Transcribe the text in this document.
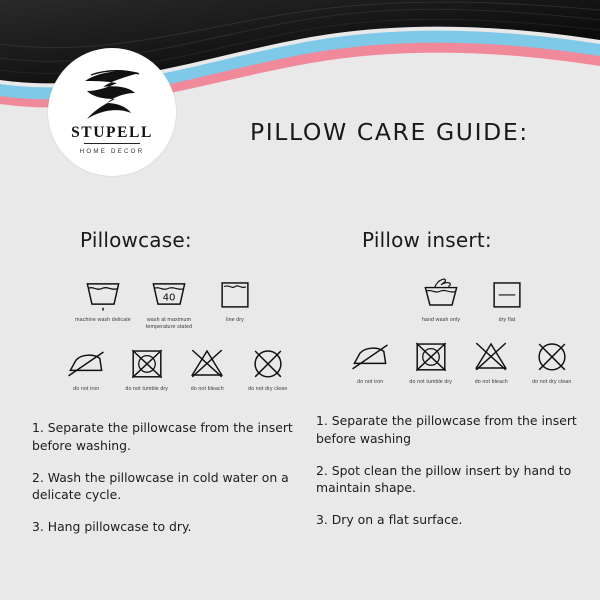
STUPELL
HOME DECOR
PILLOW CARE GUIDE:
Pillowcase:
machine wash delicate
40
wash at maximum temperature stated
line dry
do not iron	do not tumble dry	do not bleach	do not dry clean
1. Separate the pillowcase from the insert before washing.
2. Wash the pillowcase in cold water on a delicate cycle.
3. Hang pillowcase to dry.
Pillow insert:
hand wash only	dry flat
do not iron	do not tumble dry	do not bleach	do not dry clean
1. Separate the pillowcase from the insert before washing
2. Spot clean the pillow insert by hand to maintain shape.
3. Dry on a flat surface.
